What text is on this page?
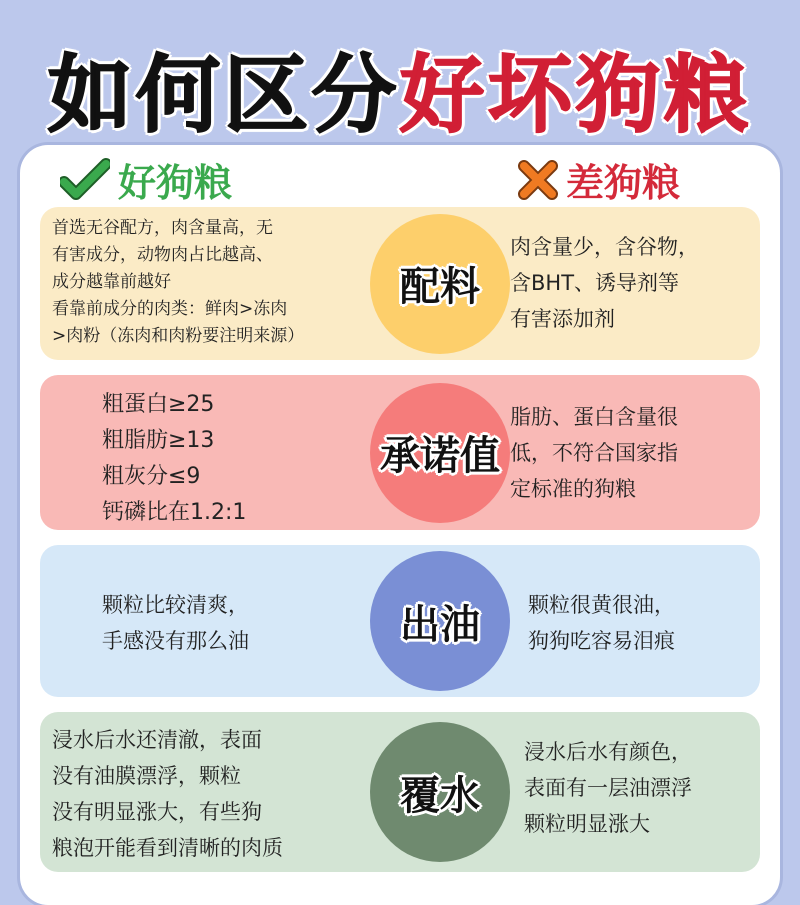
如何区分好坏狗粮
好狗粮	差狗粮
首选无谷配方，肉含量高，无
有害成分，动物肉占比越高、
成分越靠前越好
看靠前成分的肉类：鲜肉>冻肉
>肉粉（冻肉和肉粉要注明来源）
配料
肉含量少，含谷物，
含BHT、诱导剂等
有害添加剂
粗蛋白≥25
粗脂肪≥13
粗灰分≤9
钙磷比在1.2:1
承诺值
脂肪、蛋白含量很
低，不符合国家指
定标准的狗粮
颗粒比较清爽，
手感没有那么油	出油 颗粒很黄很油，
狗狗吃容易泪痕
浸水后水还清澈，表面
没有油膜漂浮，颗粒
没有明显涨大，有些狗
粮泡开能看到清晰的肉质
覆水
浸水后水有颜色，
表面有一层油漂浮
颗粒明显涨大
